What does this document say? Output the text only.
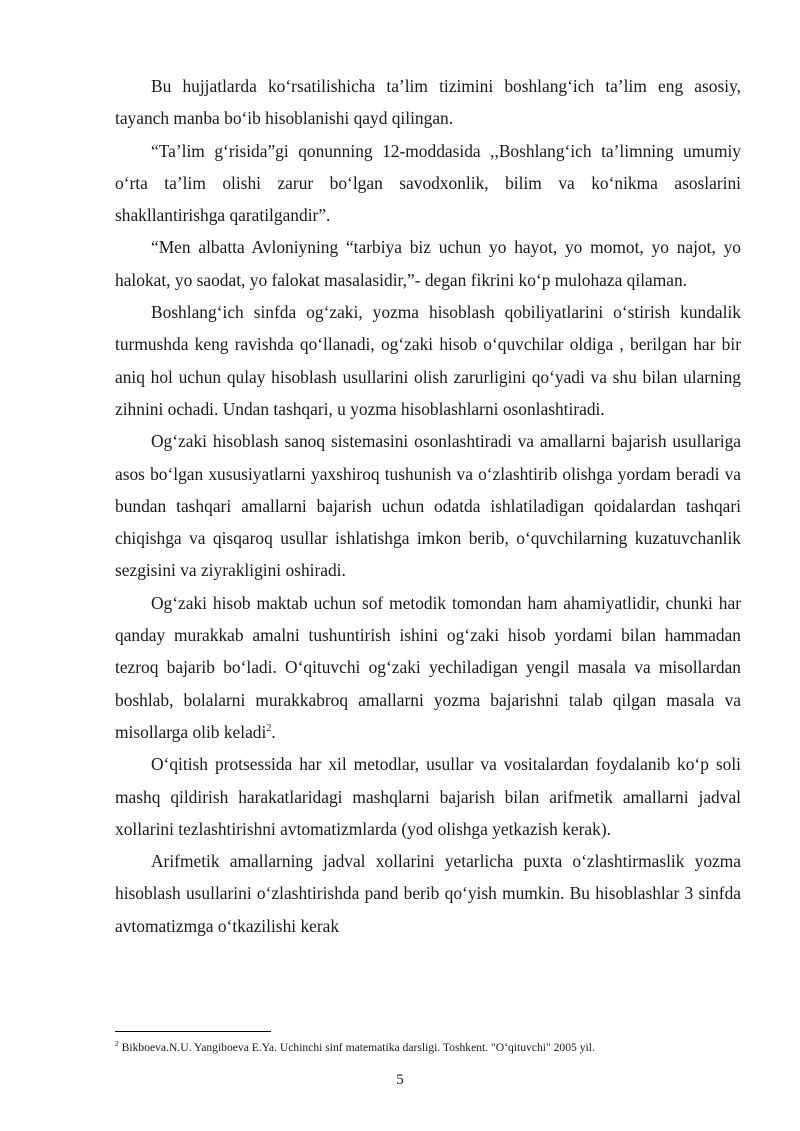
Bu hujjatlarda ko‘rsatilishicha ta’lim tizimini boshlang‘ich ta’lim eng asosiy, tayanch manba bo‘ib hisoblanishi qayd qilingan.

“Ta’lim g‘risida”gi qonunning 12-moddasida ,,Boshlang‘ich ta’limning umumiy o‘rta ta’lim olishi zarur bo‘lgan savodxonlik, bilim va ko‘nikma asoslarini shakllantirishga qaratilgandir”.

“Men albatta Avloniyning “tarbiya biz uchun yo hayot, yo momot, yo najot, yo halokat, yo saodat, yo falokat masalasidir,”- degan fikrini ko‘p mulohaza qilaman.

Boshlang‘ich sinfda og‘zaki, yozma hisoblash qobiliyatlarini o‘stirish kundalik turmushda keng ravishda qo‘llanadi, og‘zaki hisob o‘quvchilar oldiga , berilgan har bir aniq hol uchun qulay hisoblash usullarini olish zarurligini qo‘yadi va shu bilan ularning zihnini ochadi. Undan tashqari, u yozma hisoblashlarni osonlashtiradi.

Og‘zaki hisoblash sanoq sistemasini osonlashtiradi va amallarni bajarish usullariga asos bo‘lgan xususiyatlarni yaxshiroq tushunish va o‘zlashtirib olishga yordam beradi va bundan tashqari amallarni bajarish uchun odatda ishlatiladigan qoidalardan tashqari chiqishga va qisqaroq usullar ishlatishga imkon berib, o‘quvchilarning kuzatuvchanlik sezgisini va ziyrakligini oshiradi.

Og‘zaki hisob maktab uchun sof metodik tomondan ham ahamiyatlidir, chunki har qanday murakkab amalni tushuntirish ishini og‘zaki hisob yordami bilan hammadan tezroq bajarib bo‘ladi. O‘qituvchi og‘zaki yechiladigan yengil masala va misollardan boshlab, bolalarni murakkabroq amallarni yozma bajarishni talab qilgan masala va misollarga olib keladi$^2$.

O‘qitish protsessida har xil metodlar, usullar va vositalardan foydalanib ko‘p soli mashq qildirish harakatlaridagi mashqlarni bajarish bilan arifmetik amallarni jadval xollarini tezlashtirishni avtomatizmlarda (yod olishga yetkazish kerak).

Arifmetik amallarning jadval xollarini yetarlicha puxta o‘zlashtirmaslik yozma hisoblash usullarini o‘zlashtirishda pand berib qo‘yish mumkin. Bu hisoblashlar 3 sinfda avtomatizmga o‘tkazilishi kerak

$^2$ Bikboeva.N.U. Yangiboeva E.Ya. Uchinchi sinf matematika darsligi. Toshkent. "O‘qituvchi" 2005 yil.

5
